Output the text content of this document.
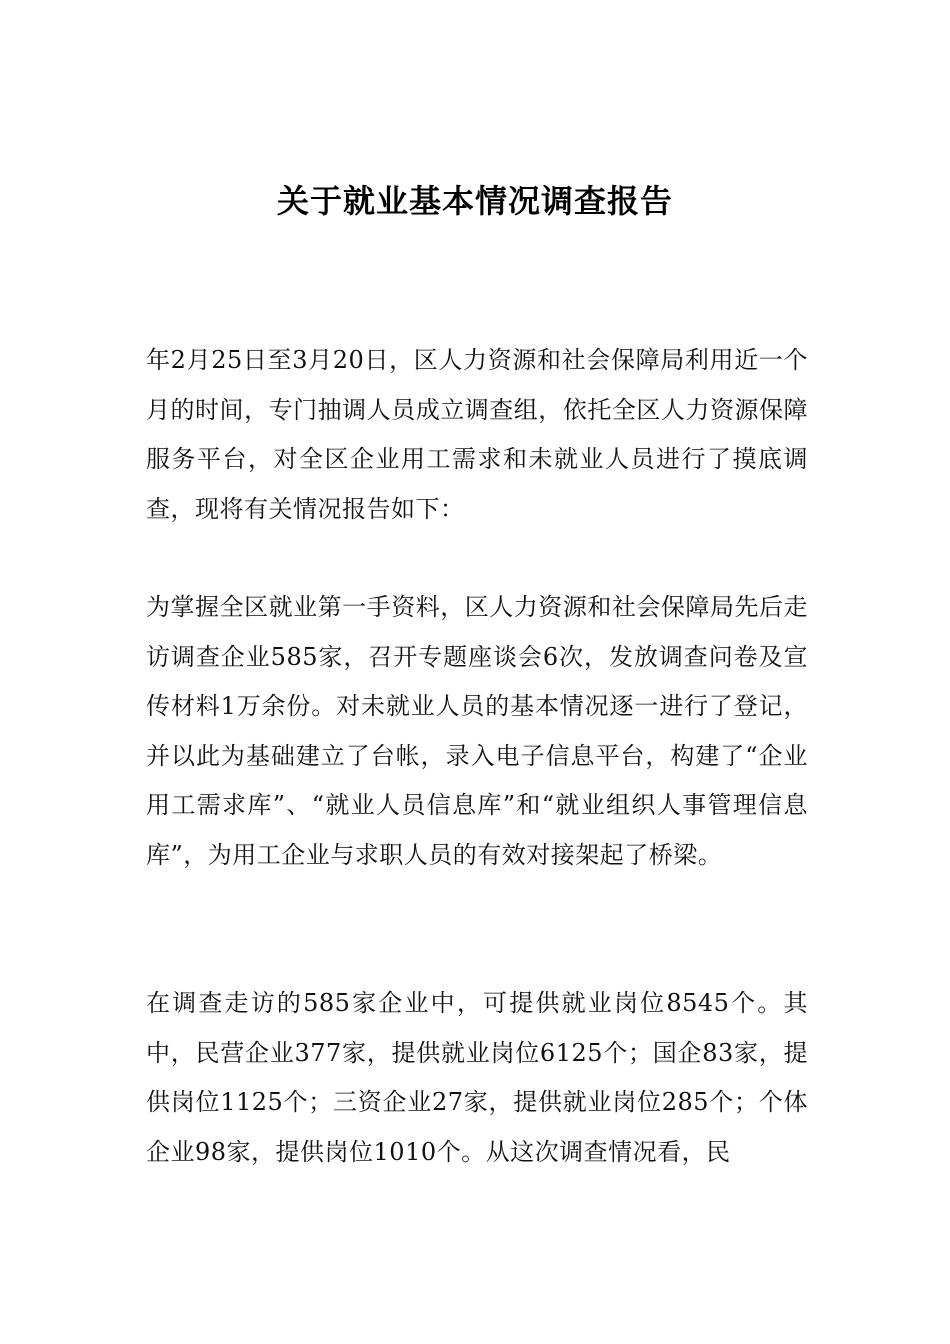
关于就业基本情况调查报告

年2月25日至3月20日，区人力资源和社会保障局利用近一个月的时间，专门抽调人员成立调查组，依托全区人力资源保障服务平台，对全区企业用工需求和未就业人员进行了摸底调查，现将有关情况报告如下：

为掌握全区就业第一手资料，区人力资源和社会保障局先后走访调查企业585家，召开专题座谈会6次，发放调查问卷及宣传材料1万余份。对未就业人员的基本情况逐一进行了登记，并以此为基础建立了台帐，录入电子信息平台，构建了“企业用工需求库”、“就业人员信息库”和“就业组织人事管理信息库”，为用工企业与求职人员的有效对接架起了桥梁。

在调查走访的585家企业中，可提供就业岗位8545个。其中，民营企业377家，提供就业岗位6125个；国企83家，提供岗位1125个；三资企业27家，提供就业岗位285个；个体企业98家，提供岗位1010个。从这次调查情况看，民
